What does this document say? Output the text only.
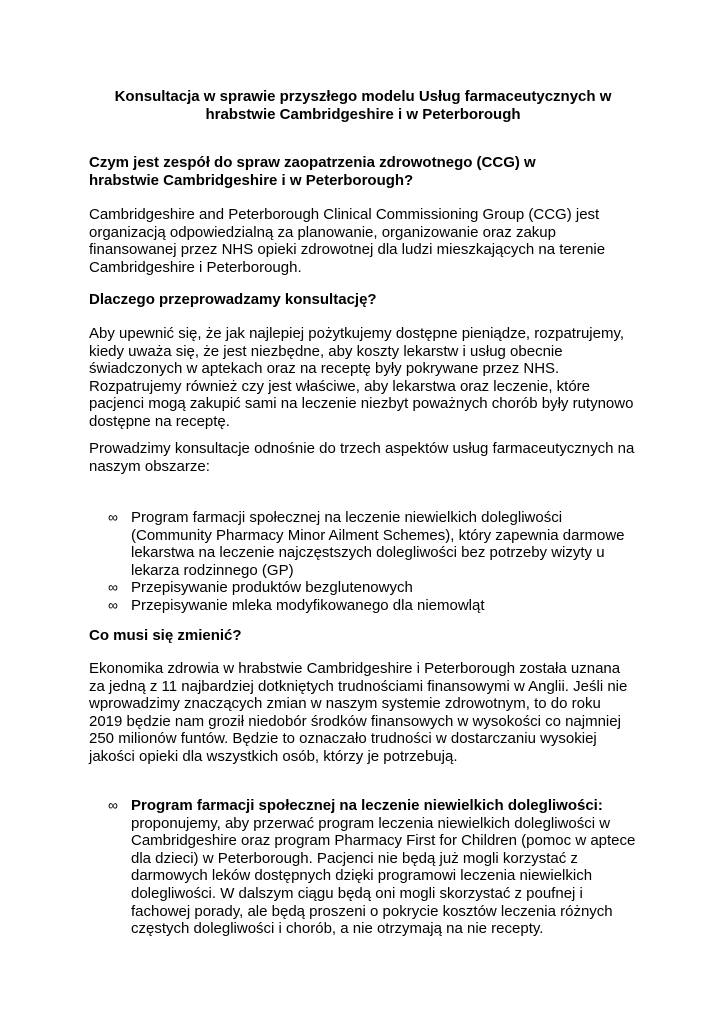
Konsultacja w sprawie przyszłego modelu Usług farmaceutycznych w hrabstwie Cambridgeshire i w Peterborough
Czym jest zespół do spraw zaopatrzenia zdrowotnego (CCG) w hrabstwie Cambridgeshire i w Peterborough?
Cambridgeshire and Peterborough Clinical Commissioning Group (CCG) jest organizacją odpowiedzialną za planowanie, organizowanie oraz zakup finansowanej przez NHS opieki zdrowotnej dla ludzi mieszkających na terenie Cambridgeshire i Peterborough.
Dlaczego przeprowadzamy konsultację?
Aby upewnić się, że jak najlepiej pożytkujemy dostępne pieniądze, rozpatrujemy, kiedy uważa się, że jest niezbędne, aby koszty lekarstw i usług obecnie świadczonych w aptekach oraz na receptę były pokrywane przez NHS. Rozpatrujemy również czy jest właściwe, aby lekarstwa oraz leczenie, które pacjenci mogą zakupić sami na leczenie niezbyt poważnych chorób były rutynowo dostępne na receptę.
Prowadzimy konsultacje odnośnie do trzech aspektów usług farmaceutycznych na naszym obszarze:
∞ Program farmacji społecznej na leczenie niewielkich dolegliwości (Community Pharmacy Minor Ailment Schemes), który zapewnia darmowe lekarstwa na leczenie najczęstszych dolegliwości bez potrzeby wizyty u lekarza rodzinnego (GP)
∞ Przepisywanie produktów bezglutenowych
∞ Przepisywanie mleka modyfikowanego dla niemowląt
Co musi się zmienić?
Ekonomika zdrowia w hrabstwie Cambridgeshire i Peterborough została uznana za jedną z 11 najbardziej dotkniętych trudnościami finansowymi w Anglii. Jeśli nie wprowadzimy znaczących zmian w naszym systemie zdrowotnym, to do roku 2019 będzie nam groził niedobór środków finansowych w wysokości co najmniej 250 milionów funtów. Będzie to oznaczało trudności w dostarczaniu wysokiej jakości opieki dla wszystkich osób, którzy je potrzebują.
∞ Program farmacji społecznej na leczenie niewielkich dolegliwości: proponujemy, aby przerwać program leczenia niewielkich dolegliwości w Cambridgeshire oraz program Pharmacy First for Children (pomoc w aptece dla dzieci) w Peterborough. Pacjenci nie będą już mogli korzystać z darmowych leków dostępnych dzięki programowi leczenia niewielkich dolegliwości. W dalszym ciągu będą oni mogli skorzystać z poufnej i fachowej porady, ale będą proszeni o pokrycie kosztów leczenia różnych częstych dolegliwości i chorób, a nie otrzymają na nie recepty.
